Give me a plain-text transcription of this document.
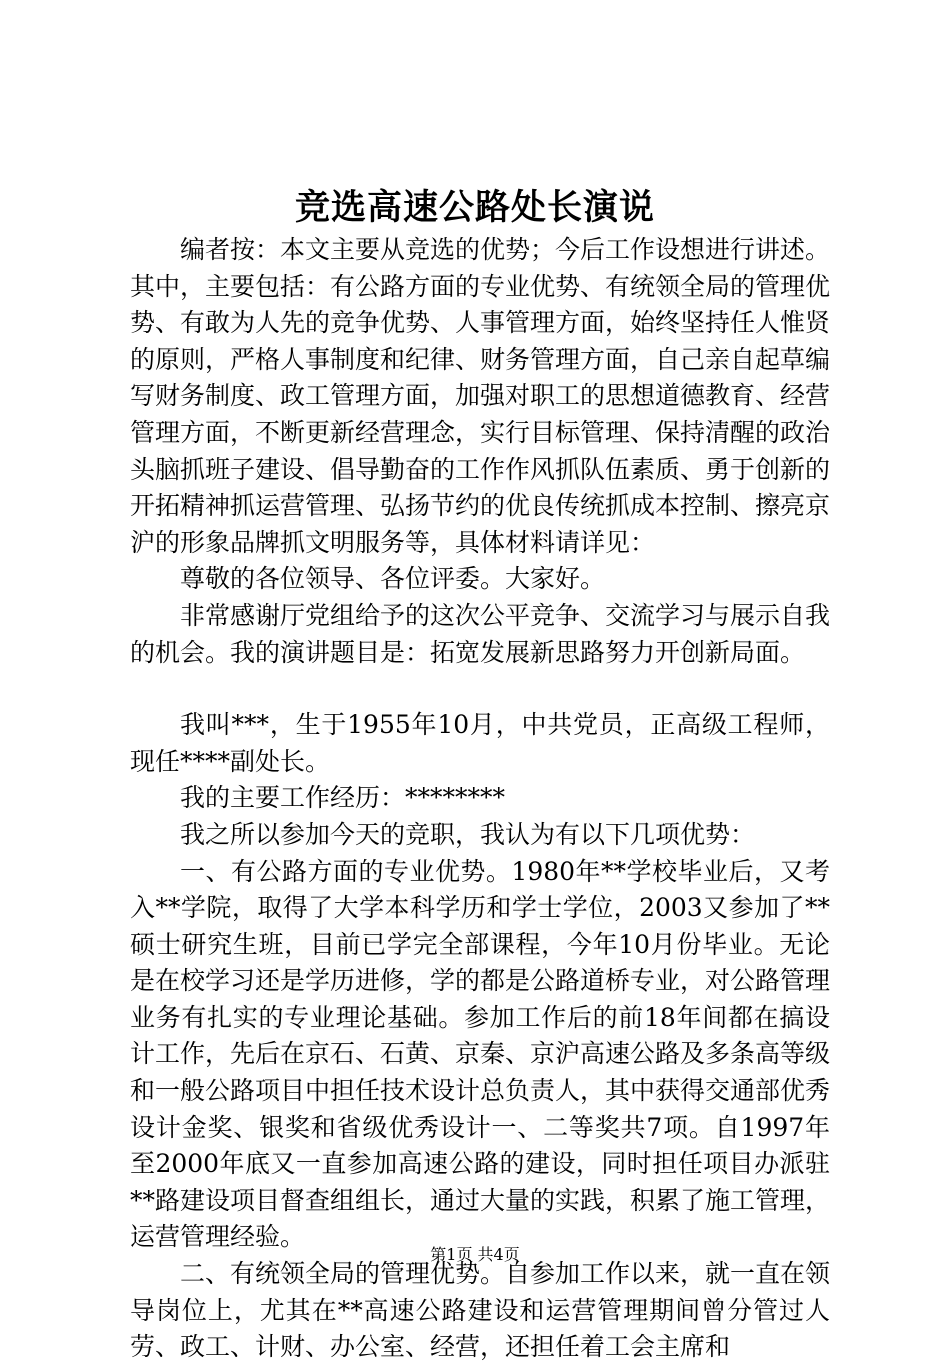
竞选高速公路处长演说

编者按：本文主要从竞选的优势；今后工作设想进行讲述。其中，主要包括：有公路方面的专业优势、有统领全局的管理优势、有敢为人先的竞争优势、人事管理方面，始终坚持任人惟贤的原则，严格人事制度和纪律、财务管理方面，自己亲自起草编写财务制度、政工管理方面，加强对职工的思想道德教育、经营管理方面，不断更新经营理念，实行目标管理、保持清醒的政治头脑抓班子建设、倡导勤奋的工作作风抓队伍素质、勇于创新的开拓精神抓运营管理、弘扬节约的优良传统抓成本控制、擦亮京沪的形象品牌抓文明服务等，具体材料请详见：

尊敬的各位领导、各位评委。大家好。

非常感谢厅党组给予的这次公平竞争、交流学习与展示自我的机会。我的演讲题目是：拓宽发展新思路努力开创新局面。

我叫***，生于1955年10月，中共党员，正高级工程师，现任****副处长。

我的主要工作经历：********

我之所以参加今天的竞职，我认为有以下几项优势：

一、有公路方面的专业优势。1980年**学校毕业后，又考入**学院，取得了大学本科学历和学士学位，2003又参加了**硕士研究生班，目前已学完全部课程，今年10月份毕业。无论是在校学习还是学历进修，学的都是公路道桥专业，对公路管理业务有扎实的专业理论基础。参加工作后的前18年间都在搞设计工作，先后在京石、石黄、京秦、京沪高速公路及多条高等级和一般公路项目中担任技术设计总负责人，其中获得交通部优秀设计金奖、银奖和省级优秀设计一、二等奖共7项。自1997年至2000年底又一直参加高速公路的建设，同时担任项目办派驻**路建设项目督查组组长，通过大量的实践，积累了施工管理，运营管理经验。

二、有统领全局的管理优势。自参加工作以来，就一直在领导岗位上，尤其在**高速公路建设和运营管理期间曾分管过人劳、政工、计财、办公室、经营，还担任着工会主席和

第1页 共4页
